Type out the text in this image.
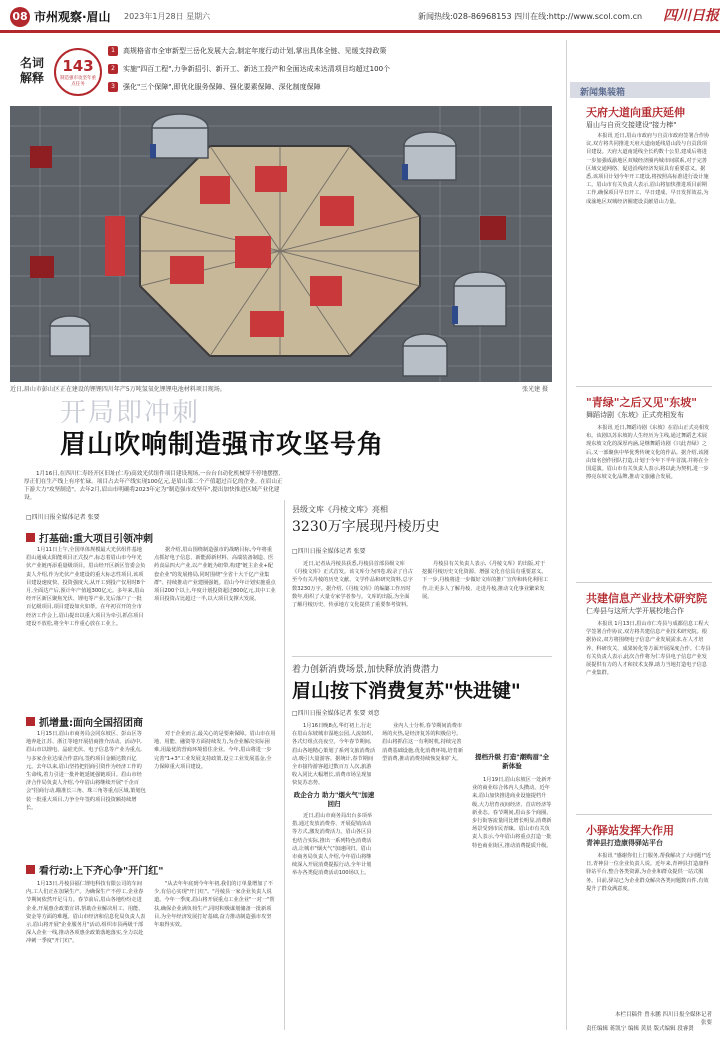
08 市州观察·眉山 2023年1月28日 星期六	新闻热线:028-86968153 四川在线:http://www.scol.com.cn 四川日报
名词解释
143
制造强市攻坚年重点任务
1	高规格省市全审新型三岳化发展大会,制定年度行动计划,掌出具体全链、见缓支持政策
2	实施"四百工程",力争新招引、新开工、新达工投产和全面达成未达清项目均超过100个
3	强化"三个保障",即优化服务保障、强化要素保障、深化制度保障
近日,眉山市彭山区正在建设的锂锂四川年产5万吨氢氧化锂锂电池材料项目现场。	张光建 摄
开局即冲刺
眉山吹响制造强市攻坚号角
1月16日,在四川仁寿经开区旧址(仁寿)高效光伏组件项目建设现场,一台台自动化机械穿不停地摆摆,厚正们在生产线上有序忙碌。项目占去年产线实现100亿元,是眉山第二个产值超过百亿的企业。在眉山正下游大力"攻坚制造"。去年2月,眉山市明确将2023年定为"制造强市攻坚年",提出加快推进区域产业化建设。
□四川日报全媒体记者 张要
打基础:重大项目引领冲刺
1月11日上午,全国单体规模最大光伏组件基地眉山通威太阳能项目正式投产,标志着眉山市今年光伏产业链再添重量级项目。眉山经开区新区管委会负责人介绍,作为光伏产业建设的重大标志性项目,该项目建设速度快、投资强度大,从开工到投产仅用时8个月,全面达产后,预计年产值超300亿元。多年来,眉山经开区新区聚焦光伏、锂电等产业,先后落户了一批百亿级项目,项目建设如火如荼。在年初召开的全市经济工作会上,眉山提出以重大项目为牵引,抓住项目建设不放松,将全年工作重心放在工业上。
抓增量:面向全国招团商
1月15日,眉山市商务局会同东坡区、彭山区等地奔赴江苏、浙江等地开展招商推介活动。活动中,眉山市以锂电、晶硅光伏、电子信息等产业为重点,与多家企业达成合作意向,签约项目金额达数百亿元。去年以来,眉山坚持把招商引资作为经济工作的生命线,着力引进一批补链延链强链项目。眉山市经济合作局负责人介绍,今年眉山将继续开展"千企百会"招商行动,瞄准长三角、珠三角等重点区域,策划包装一批重大项目,力争全年签约项目投资额持续增长。
看行动:上下齐心争"开门红"
1月13日,丹棱县福仁锂电科技有限公司的车间内,工人们正在加紧生产。为确保生产不停工,企业春节期间依然开足马力。春节前后,眉山各地纷纷走进企业,开展惠企政策宣讲,帮助企业解决用工、用能、资金等方面的难题。眉山市经济和信息化局负责人表示,眉山将开展"企业服务月"活动,组织市县两级干部深入企业一线,推动各项惠企政策落地落实,全力以赴冲刺一季度"开门红"。
据介绍,眉山围绕制造强市的战略目标,今年将重点抓好电子信息、新能源新材料、高端装备制造、医药食品四大产业,以产业链为纽带,构建"链主企业+配套企业"的发展格局,同时围绕"全省十大千亿产业集群"、持续推动产业建圈强链。眉山今年计划实施重点项目200个以上,年度计划投资超过800亿元,其中工业项目投资占比超过一半,以大项目支撑大发展。
对于企业而言,最关心的是要素保障。眉山市在用地、用能、融资等方面持续发力,为企业解决实际困难,用最优的营商环境留住企业。今年,眉山将进一步完善"1+3"工业发展支持政策,设立工业发展基金,全力保障重大项目建设。
"从去年年底到今年年初,我们的订单量增加了不少,有信心实现"开门红"。"丹棱县一家企业负责人说道。今年一季度,眉山将开展重点工业企业"一对一"帮扶,确保企业满负荷生产,同时积极谋划储备一批新项目,为全年经济发展打好基础,奋力推动制造强市攻坚年取得实效。
县级文库《丹棱文库》亮相
3230万字展现丹棱历史
□四川日报全媒体记者 张要
近日,记者从丹棱县获悉,丹棱县首部县级文库《丹棱文库》正式首发。该文库分为四卷,收录了自古至今有关丹棱的历史文献、文学作品和研究资料,总字数3230万字。据介绍,《丹棱文库》的编纂工作历时数年,组织了大量专家学者参与。文库的出版,为全面了解丹棱历史、传承地方文化提供了重要参考资料。
丹棱县有关负责人表示,《丹棱文库》的出版,对于挖掘丹棱历史文化资源、增强文化自信具有重要意义。下一步,丹棱将进一步做好文库的推广宣传和转化利用工作,让更多人了解丹棱、走进丹棱,推动文化事业繁荣发展。
着力创新消费场景,加快释放消费潜力
眉山按下消费复苏"快进键"
□四川日报全媒体记者 张要 刘恋
1月16日晚8点,华灯初上,行走在眉山东坡城市湿地公园,人流如织,各式灯组点亮夜空。今年春节期间,眉山各地精心策划了系列文旅消费活动,吸引大量游客。据统计,春节期间全市接待游客超过数百万人次,旅游收入同比大幅增长,消费市场呈现加快复苏态势。
政企合力 助力"烟火气"加速回归
近日,眉山市商务局出台多项举措,通过发放消费券、开展促销活动等方式,激发消费活力。眉山各区县也结合实际,推出一系列特色消费活动,让城市"烟火气"加速回归。眉山市商务局负责人介绍,今年眉山将继续深入开展消费提振行动,全年计划举办各类促消费活动100场以上。
业内人士分析,春节期间消费市场的火热,是经济复苏的积极信号。眉山将抓住这一有利时机,持续完善消费基础设施,优化消费环境,培育新型消费,推动消费持续恢复和扩大。	提档升级 打造"潮购眉"全新体验
1月19日,眉山东坡区一处新开业的商业综合体内人头攒动。近年来,眉山加快推进商业设施提档升级,大力培育夜间经济、首店经济等新业态。春节期间,眉山多个商圈、步行街客流量同比增长明显,消费新场景受到市民青睐。眉山市有关负责人表示,今年眉山将重点打造一批特色商业街区,推动消费提质升级。
新闻集装箱
天府大道向重庆延伸
眉山与自贡交接建设"接力棒"
本报讯 近日,眉山市政府与自贡市政府签署合作协议,双方将共同推进天府大道南延线眉山段与自贡段项目建设。天府大道南延线全长约数十公里,建成后将进一步加强成渝地区双城经济圈内城市间联系,对于完善区域交通网络、促进沿线经济发展具有重要意义。据悉,该项目计划今年开工建设,将按照高标准进行设计施工。眉山市有关负责人表示,眉山将加快推进项目前期工作,确保项目早日开工、早日建成、早日发挥效益,为成渝地区双城经济圈建设贡献眉山力量。
"青绿"之后又见"东坡"
舞蹈诗剧《东坡》正式亮相发布
本报讯 近日,舞蹈诗剧《东坡》在眉山正式亮相发布。该剧以苏东坡的人生经历为主线,通过舞蹈艺术展现东坡文化的深厚内涵,是继舞蹈诗剧《只此青绿》之后,又一部聚焦中华优秀传统文化的作品。据介绍,该剧由知名创作团队打造,计划于今年下半年首演,并将在全国巡演。眉山市有关负责人表示,将以此为契机,进一步擦亮东坡文化品牌,推动文旅融合发展。
共建信息产业技术研究院
仁寿县与这所大学开展校地合作
本报讯 1月13日,眉山市仁寿县与成都信息工程大学签署合作协议,双方将共建信息产业技术研究院。根据协议,双方将围绕电子信息产业发展需求,在人才培养、科研攻关、成果转化等方面开展深度合作。仁寿县有关负责人表示,此次合作将为仁寿县电子信息产业发展提供有力的人才和技术支撑,助力当地打造电子信息产业集群。
小驿站发挥大作用
青神县打造康得驿站平台
本报讯 "感谢你们上门服务,帮我解决了大问题!"近日,青神县一位企业负责人说。近年来,青神县打造康得驿站平台,整合各类资源,为企业和群众提供一站式服务。目前,驿站已为企业群众解决各类问题数百件,有效提升了群众满意度。
本栏目稿件 曾永鹏 四川日报全媒体记者 张要
责任编辑 蒋凯宁 编辑 黄晨 版式编辑 段睿贤
